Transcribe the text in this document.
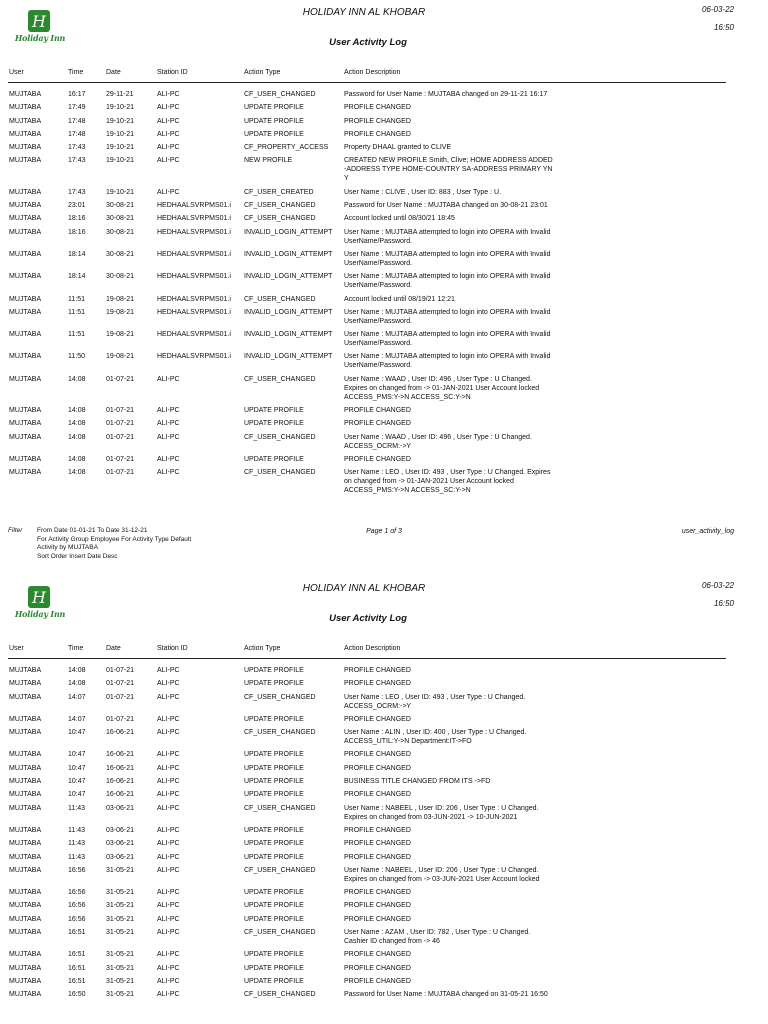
H
Holiday Inn
HOLIDAY INN AL KHOBAR
User Activity Log
06-03-22
16:50
User	Time	Date	Station ID	Action Type	Action Description
MUJTABA	16:17	29-11-21	ALI-PC	CF_USER_CHANGED	Password for User Name : MUJTABA changed on 29-11-21 16:17
MUJTABA	17:49	19-10-21	ALI-PC	UPDATE PROFILE	PROFILE CHANGED
MUJTABA	17:48	19-10-21	ALI-PC	UPDATE PROFILE	PROFILE CHANGED
MUJTABA	17:48	19-10-21	ALI-PC	UPDATE PROFILE	PROFILE CHANGED
MUJTABA	17:43	19-10-21	ALI-PC	CF_PROPERTY_ACCESS	Property DHAAL granted to CLIVE
MUJTABA	17:43	19-10-21	ALI-PC	NEW PROFILE	CREATED NEW PROFILE Smith, Clive; HOME ADDRESS ADDED -ADDRESS TYPE HOME-COUNTRY SA-ADDRESS PRIMARY YN Y
MUJTABA	17:43	19-10-21	ALI-PC	CF_USER_CREATED	User Name : CLIVE , User ID: 883 , User Type : U.
MUJTABA	23:01	30-08-21	HEDHAALSVRPMS01.i	CF_USER_CHANGED	Password for User Name : MUJTABA changed on 30-08-21 23:01
MUJTABA	18:16	30-08-21	HEDHAALSVRPMS01.i	CF_USER_CHANGED	Account locked until 08/30/21 18:45
MUJTABA	18:16	30-08-21	HEDHAALSVRPMS01.i	INVALID_LOGIN_ATTEMPT	User Name : MUJTABA attempted to login into OPERA with Invalid UserName/Password.
MUJTABA	18:14	30-08-21	HEDHAALSVRPMS01.i	INVALID_LOGIN_ATTEMPT	User Name : MUJTABA attempted to login into OPERA with Invalid UserName/Password.
MUJTABA	18:14	30-08-21	HEDHAALSVRPMS01.i	INVALID_LOGIN_ATTEMPT	User Name : MUJTABA attempted to login into OPERA with Invalid UserName/Password.
MUJTABA	11:51	19-08-21	HEDHAALSVRPMS01.i	CF_USER_CHANGED	Account locked until 08/19/21 12:21
MUJTABA	11:51	19-08-21	HEDHAALSVRPMS01.i	INVALID_LOGIN_ATTEMPT	User Name : MUJTABA attempted to login into OPERA with Invalid UserName/Password.
MUJTABA	11:51	19-08-21	HEDHAALSVRPMS01.i	INVALID_LOGIN_ATTEMPT	User Name : MUJTABA attempted to login into OPERA with Invalid UserName/Password.
MUJTABA	11:50	19-08-21	HEDHAALSVRPMS01.i	INVALID_LOGIN_ATTEMPT	User Name : MUJTABA attempted to login into OPERA with Invalid UserName/Password.
MUJTABA	14:08	01-07-21	ALI-PC	CF_USER_CHANGED	User Name : WAAD , User ID: 496 , User Type : U Changed. Expires on changed from -> 01-JAN-2021 User Account locked ACCESS_PMS:Y->N ACCESS_SC:Y->N
MUJTABA	14:08	01-07-21	ALI-PC	UPDATE PROFILE	PROFILE CHANGED
MUJTABA	14:08	01-07-21	ALI-PC	UPDATE PROFILE	PROFILE CHANGED
MUJTABA	14:08	01-07-21	ALI-PC	CF_USER_CHANGED	User Name : WAAD , User ID: 496 , User Type : U Changed. ACCESS_OCRM:->Y
MUJTABA	14:08	01-07-21	ALI-PC	UPDATE PROFILE	PROFILE CHANGED
MUJTABA	14:08	01-07-21	ALI-PC	CF_USER_CHANGED	User Name : LEO , User ID: 493 , User Type : U Changed. Expires on changed from -> 01-JAN-2021 User Account locked ACCESS_PMS:Y->N ACCESS_SC:Y->N
Filter From Date 01-01-21 To Date 31-12-21
For Activity Group Employee For Activity Type Default
Activity by MUJTABA
Sort Order Insert Date Desc
Page 1 of 3	user_activity_log
H
Holiday Inn
HOLIDAY INN AL KHOBAR
User Activity Log
06-03-22
16:50
User	Time	Date	Station ID	Action Type	Action Description
MUJTABA	14:08	01-07-21	ALI-PC	UPDATE PROFILE	PROFILE CHANGED
MUJTABA	14:08	01-07-21	ALI-PC	UPDATE PROFILE	PROFILE CHANGED
MUJTABA	14:07	01-07-21	ALI-PC	CF_USER_CHANGED	User Name : LEO , User ID: 493 , User Type : U Changed. ACCESS_OCRM:->Y
MUJTABA	14:07	01-07-21	ALI-PC	UPDATE PROFILE	PROFILE CHANGED
MUJTABA	10:47	16-06-21	ALI-PC	CF_USER_CHANGED	User Name : ALIN , User ID: 400 , User Type : U Changed. ACCESS_UTIL:Y->N Department:IT->FO
MUJTABA	10:47	16-06-21	ALI-PC	UPDATE PROFILE	PROFILE CHANGED
MUJTABA	10:47	16-06-21	ALI-PC	UPDATE PROFILE	PROFILE CHANGED
MUJTABA	10:47	16-06-21	ALI-PC	UPDATE PROFILE	BUSINESS TITLE CHANGED FROM ITS ->FD
MUJTABA	10:47	16-06-21	ALI-PC	UPDATE PROFILE	PROFILE CHANGED
MUJTABA	11:43	03-06-21	ALI-PC	CF_USER_CHANGED	User Name : NABEEL , User ID: 206 , User Type : U Changed. Expires on changed from 03-JUN-2021 -> 10-JUN-2021
MUJTABA	11:43	03-06-21	ALI-PC	UPDATE PROFILE	PROFILE CHANGED
MUJTABA	11:43	03-06-21	ALI-PC	UPDATE PROFILE	PROFILE CHANGED
MUJTABA	11:43	03-06-21	ALI-PC	UPDATE PROFILE	PROFILE CHANGED
MUJTABA	16:56	31-05-21	ALI-PC	CF_USER_CHANGED	User Name : NABEEL , User ID: 206 , User Type : U Changed. Expires on changed from -> 03-JUN-2021 User Account locked
MUJTABA	16:56	31-05-21	ALI-PC	UPDATE PROFILE	PROFILE CHANGED
MUJTABA	16:56	31-05-21	ALI-PC	UPDATE PROFILE	PROFILE CHANGED
MUJTABA	16:56	31-05-21	ALI-PC	UPDATE PROFILE	PROFILE CHANGED
MUJTABA	16:51	31-05-21	ALI-PC	CF_USER_CHANGED	User Name : AZAM , User ID: 782 , User Type : U Changed. Cashier ID changed from -> 46
MUJTABA	16:51	31-05-21	ALI-PC	UPDATE PROFILE	PROFILE CHANGED
MUJTABA	16:51	31-05-21	ALI-PC	UPDATE PROFILE	PROFILE CHANGED
MUJTABA	16:51	31-05-21	ALI-PC	UPDATE PROFILE	PROFILE CHANGED
MUJTABA	16:50	31-05-21	ALI-PC	CF_USER_CHANGED	Password for User Name : MUJTABA changed on 31-05-21 16:50
